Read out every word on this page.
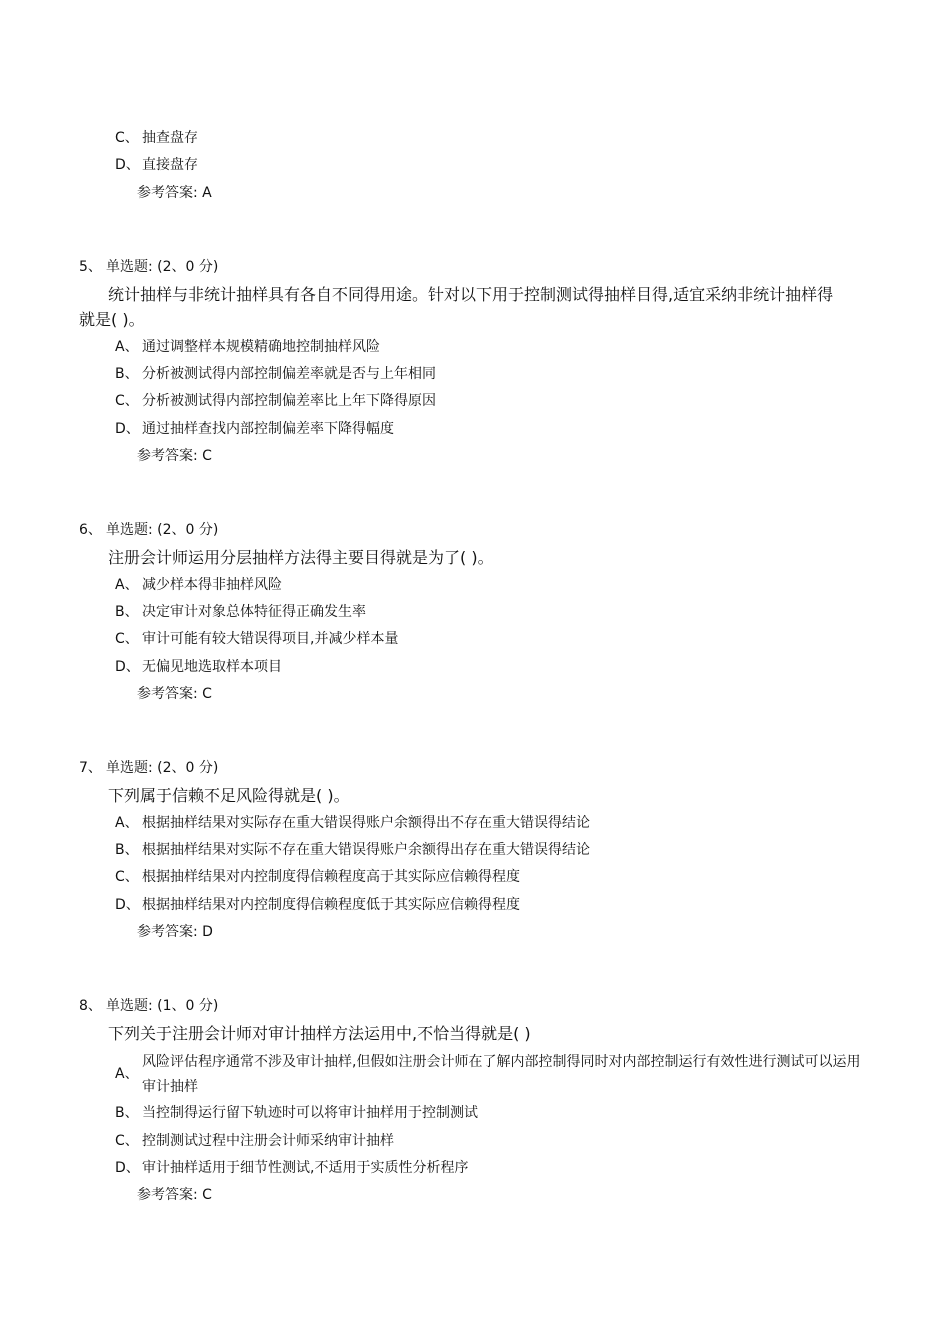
C、 抽查盘存
D、 直接盘存
参考答案: A
5、 单选题: (2、0 分)
统计抽样与非统计抽样具有各自不同得用途。针对以下用于控制测试得抽样目得,适宜采纳非统计抽样得
就是( )。
A、 通过调整样本规模精确地控制抽样风险
B、 分析被测试得内部控制偏差率就是否与上年相同
C、 分析被测试得内部控制偏差率比上年下降得原因
D、 通过抽样查找内部控制偏差率下降得幅度
参考答案: C
6、 单选题: (2、0 分)
注册会计师运用分层抽样方法得主要目得就是为了( )。
A、 减少样本得非抽样风险
B、 决定审计对象总体特征得正确发生率
C、 审计可能有较大错误得项目,并减少样本量
D、 无偏见地选取样本项目
参考答案: C
7、 单选题: (2、0 分)
下列属于信赖不足风险得就是( )。
A、 根据抽样结果对实际存在重大错误得账户余额得出不存在重大错误得结论
B、 根据抽样结果对实际不存在重大错误得账户余额得出存在重大错误得结论
C、 根据抽样结果对内控制度得信赖程度高于其实际应信赖得程度
D、 根据抽样结果对内控制度得信赖程度低于其实际应信赖得程度
参考答案: D
8、 单选题: (1、0 分)
下列关于注册会计师对审计抽样方法运用中,不恰当得就是( )
A、
风险评估程序通常不涉及审计抽样,但假如注册会计师在了解内部控制得同时对内部控制运行有效性进行测试可以运用审计抽样
B、 当控制得运行留下轨迹时可以将审计抽样用于控制测试
C、 控制测试过程中注册会计师采纳审计抽样
D、 审计抽样适用于细节性测试,不适用于实质性分析程序
参考答案: C
